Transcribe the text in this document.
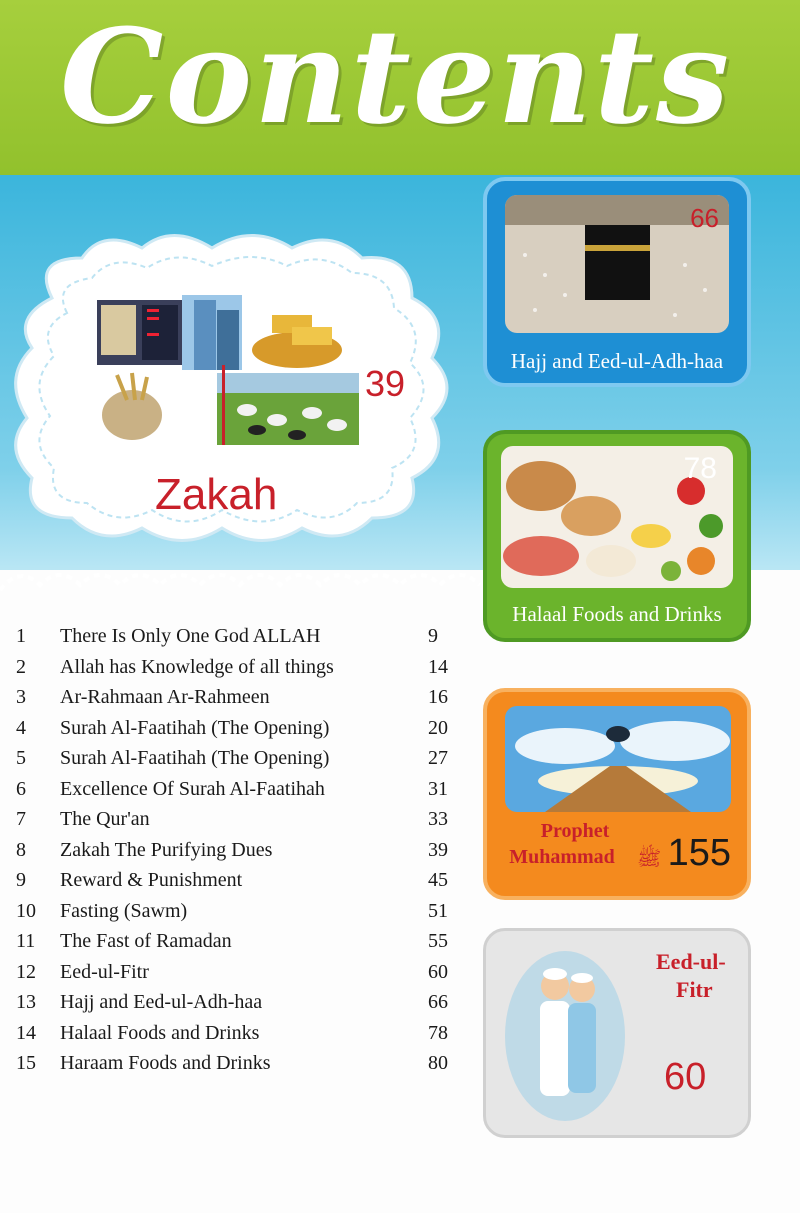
Contents
39
Zakah
66
Hajj and Eed-ul-Adh-haa
78
Halaal Foods and Drinks
Prophet
Muhammad	ﷺ 155
Eed-ul-
Fitr
60
1	There Is Only One God ALLAH	9
2	Allah has Knowledge of all things	14
3	Ar-Rahmaan Ar-Rahmeen	16
4	Surah Al-Faatihah (The Opening)	20
5	Surah Al-Faatihah (The Opening)	27
6	Excellence Of Surah Al-Faatihah	31
7	The Qur'an	33
8	Zakah The Purifying Dues	39
9	Reward & Punishment	45
10	Fasting (Sawm)	51
11	The Fast of Ramadan	55
12	Eed-ul-Fitr	60
13	Hajj and Eed-ul-Adh-haa	66
14	Halaal Foods and Drinks	78
15	Haraam Foods and Drinks	80
